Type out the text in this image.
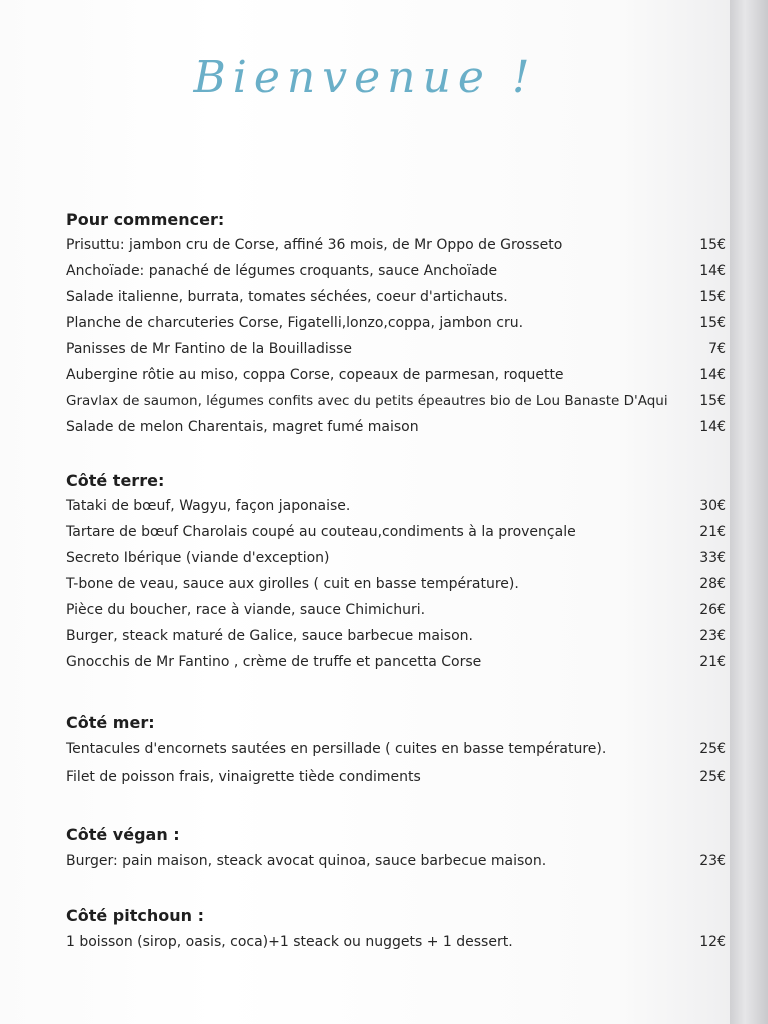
Bienvenue !
Pour commencer:
Prisuttu: jambon cru de Corse, affiné 36 mois, de Mr Oppo de Grosseto	15€
Anchoïade: panaché de légumes croquants, sauce Anchoïade	14€
Salade italienne, burrata, tomates séchées, coeur d'artichauts.	15€
Planche de charcuteries Corse, Figatelli,lonzo,coppa, jambon cru.	15€
Panisses de Mr Fantino de la Bouilladisse	7€
Aubergine rôtie au miso, coppa Corse, copeaux de parmesan, roquette	14€
Gravlax de saumon, légumes confits avec du petits épeautres bio de Lou Banaste D'Aqui 15€
Salade de melon Charentais, magret fumé maison	14€
Côté terre:
Tataki de bœuf, Wagyu, façon japonaise.	30€
Tartare de bœuf Charolais coupé au couteau,condiments à la provençale	21€
Secreto Ibérique (viande d'exception)	33€
T-bone de veau, sauce aux girolles ( cuit en basse température).	28€
Pièce du boucher, race à viande, sauce Chimichuri.	26€
Burger, steack maturé de Galice, sauce barbecue maison.	23€
Gnocchis de Mr Fantino , crème de truffe et pancetta Corse	21€
Côté mer:
Tentacules d'encornets sautées en persillade ( cuites en basse température).	25€
Filet de poisson frais, vinaigrette tiède condiments	25€
Côté végan :
Burger: pain maison, steack avocat quinoa, sauce barbecue maison.	23€
Côté pitchoun :
1 boisson (sirop, oasis, coca)+1 steack ou nuggets + 1 dessert.	12€
